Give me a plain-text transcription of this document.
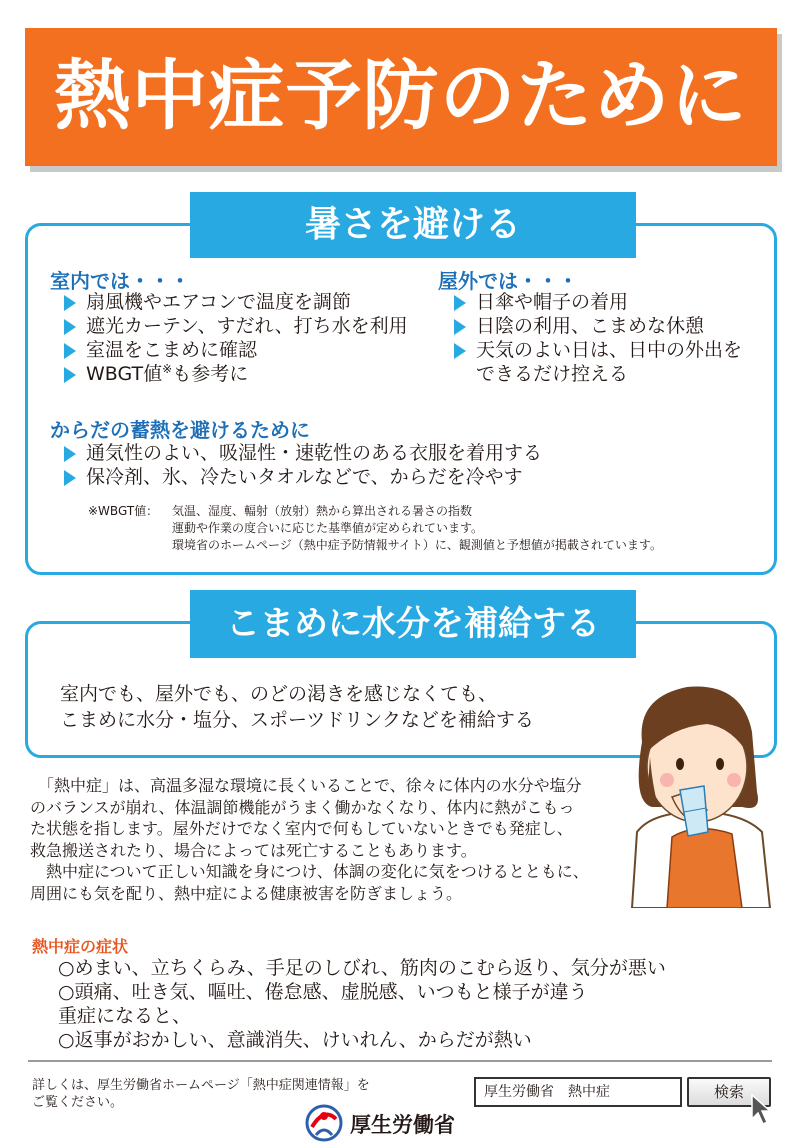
熱中症予防のために
暑さを避ける
室内では・・・
扇風機やエアコンで温度を調節
遮光カーテン、すだれ、打ち水を利用
室温をこまめに確認
WBGT値※も参考に
屋外では・・・
日傘や帽子の着用
日陰の利用、こまめな休憩
天気のよい日は、日中の外出を
できるだけ控える
からだの蓄熱を避けるために
通気性のよい、吸湿性・速乾性のある衣服を着用する
保冷剤、氷、冷たいタオルなどで、からだを冷やす
※WBGT値：	気温、湿度、輻射（放射）熱から算出される暑さの指数
運動や作業の度合いに応じた基準値が定められています。
環境省のホームページ（熱中症予防情報サイト）に、観測値と予想値が掲載されています。
こまめに水分を補給する
室内でも、屋外でも、のどの渇きを感じなくても、
こまめに水分・塩分、スポーツドリンクなどを補給する
　「熱中症」は、高温多湿な環境に長くいることで、徐々に体内の水分や塩分
のバランスが崩れ、体温調節機能がうまく働かなくなり、体内に熱がこもっ
た状態を指します。屋外だけでなく室内で何もしていないときでも発症し、
救急搬送されたり、場合によっては死亡することもあります。
　熱中症について正しい知識を身につけ、体調の変化に気をつけるとともに、
周囲にも気を配り、熱中症による健康被害を防ぎましょう。
熱中症の症状
○めまい、立ちくらみ、手足のしびれ、筋肉のこむら返り、気分が悪い
○頭痛、吐き気、嘔吐、倦怠感、虚脱感、いつもと様子が違う
重症になると、
○返事がおかしい、意識消失、けいれん、からだが熱い
詳しくは、厚生労働省ホームページ「熱中症関連情報」を
ご覧ください。
厚生労働省　熱中症	検索
厚生労働省
